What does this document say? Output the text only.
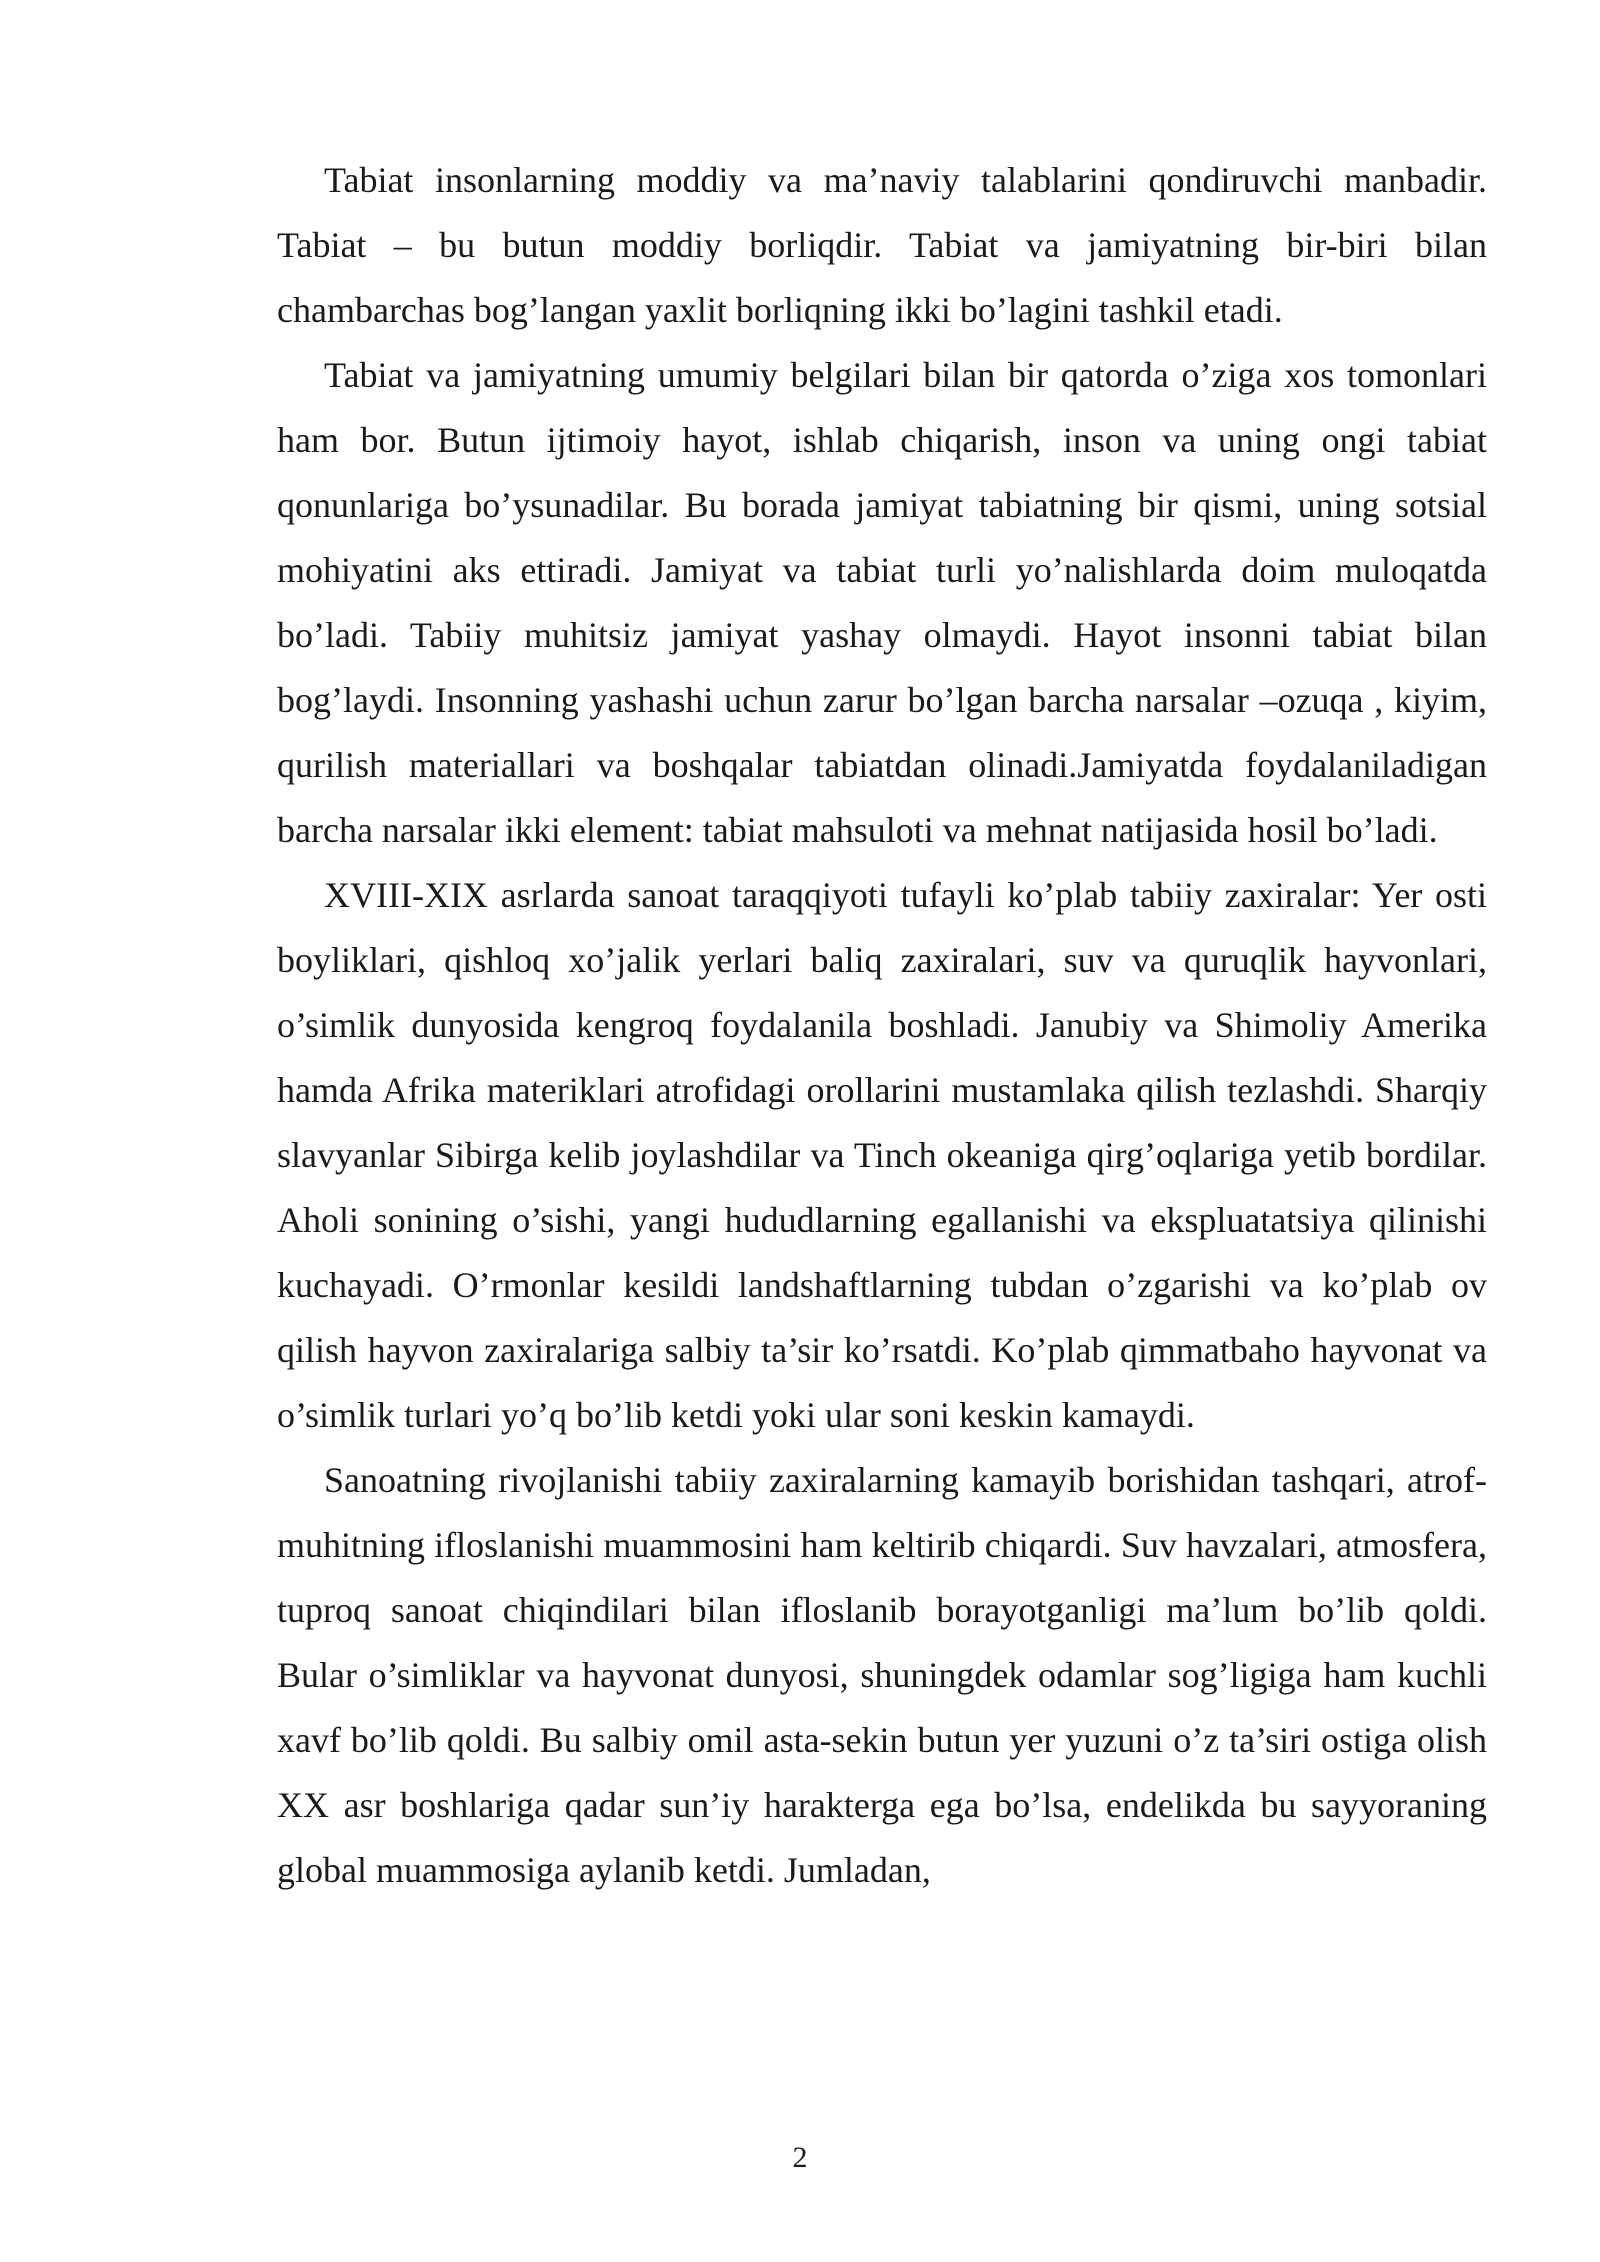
Tabiat insonlarning moddiy va ma’naviy talablarini qondiruvchi manbadir. Tabiat – bu butun moddiy borliqdir. Tabiat va jamiyatning bir-biri bilan chambarchas bog’langan yaxlit borliqning ikki bo’lagini tashkil etadi.

Tabiat va jamiyatning umumiy belgilari bilan bir qatorda o’ziga xos tomonlari ham bor. Butun ijtimoiy hayot, ishlab chiqarish, inson va uning ongi tabiat qonunlariga bo’ysunadilar. Bu borada jamiyat tabiatning bir qismi, uning sotsial mohiyatini aks ettiradi. Jamiyat va tabiat turli yo’nalishlarda doim muloqatda bo’ladi. Tabiiy muhitsiz jamiyat yashay olmaydi. Hayot insonni tabiat bilan bog’laydi. Insonning yashashi uchun zarur bo’lgan barcha narsalar –ozuqa , kiyim, qurilish materiallari va boshqalar tabiatdan olinadi.Jamiyatda foydalaniladigan barcha narsalar ikki element: tabiat mahsuloti va mehnat natijasida hosil bo’ladi.

XVIII-XIX asrlarda sanoat taraqqiyoti tufayli ko’plab tabiiy zaxiralar: Yer osti boyliklari, qishloq xo’jalik yerlari baliq zaxiralari, suv va quruqlik hayvonlari, o’simlik dunyosida kengroq foydalanila boshladi. Janubiy va Shimoliy Amerika hamda Afrika materiklari atrofidagi orollarini mustamlaka qilish tezlashdi. Sharqiy slavyanlar Sibirga kelib joylashdilar va Tinch okeaniga qirg’oqlariga yetib bordilar. Aholi sonining o’sishi, yangi hududlarning egallanishi va ekspluatatsiya qilinishi kuchayadi. O’rmonlar kesildi landshaftlarning tubdan o’zgarishi va ko’plab ov qilish hayvon zaxiralariga salbiy ta’sir ko’rsatdi. Ko’plab qimmatbaho hayvonat va o’simlik turlari yo’q bo’lib ketdi yoki ular soni keskin kamaydi.

Sanoatning rivojlanishi tabiiy zaxiralarning kamayib borishidan tashqari, atrof-muhitning ifloslanishi muammosini ham keltirib chiqardi. Suv havzalari, atmosfera, tuproq sanoat chiqindilari bilan ifloslanib borayotganligi ma’lum bo’lib qoldi. Bular o’simliklar va hayvonat dunyosi, shuningdek odamlar sog’ligiga ham kuchli xavf bo’lib qoldi. Bu salbiy omil asta-sekin butun yer yuzuni o’z ta’siri ostiga olish XX asr boshlariga qadar sun’iy harakterga ega bo’lsa, endelikda bu sayyoraning global muammosiga aylanib ketdi. Jumladan,

2
